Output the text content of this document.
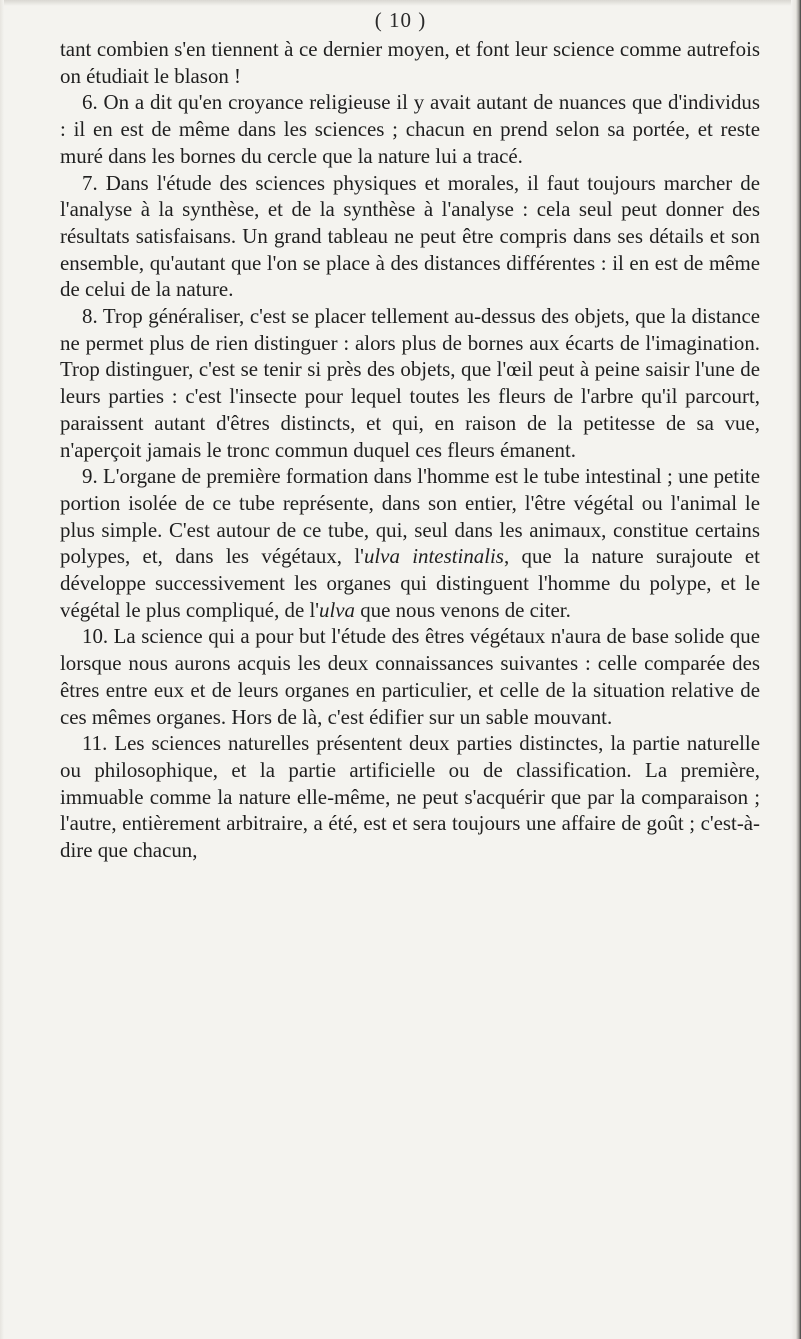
( 10 )

tant combien s'en tiennent à ce dernier moyen, et font leur science comme autrefois on étudiait le blason !

6. On a dit qu'en croyance religieuse il y avait autant de nuances que d'individus : il en est de même dans les sciences ; chacun en prend selon sa portée, et reste muré dans les bornes du cercle que la nature lui a tracé.

7. Dans l'étude des sciences physiques et morales, il faut toujours marcher de l'analyse à la synthèse, et de la synthèse à l'analyse : cela seul peut donner des résultats satisfaisans. Un grand tableau ne peut être compris dans ses détails et son ensemble, qu'autant que l'on se place à des distances différentes : il en est de même de celui de la nature.

8. Trop généraliser, c'est se placer tellement au-dessus des objets, que la distance ne permet plus de rien distinguer : alors plus de bornes aux écarts de l'imagination. Trop distinguer, c'est se tenir si près des objets, que l'œil peut à peine saisir l'une de leurs parties : c'est l'insecte pour lequel toutes les fleurs de l'arbre qu'il parcourt, paraissent autant d'êtres distincts, et qui, en raison de la petitesse de sa vue, n'aperçoit jamais le tronc commun duquel ces fleurs émanent.

9. L'organe de première formation dans l'homme est le tube intestinal ; une petite portion isolée de ce tube représente, dans son entier, l'être végétal ou l'animal le plus simple. C'est autour de ce tube, qui, seul dans les animaux, constitue certains polypes, et, dans les végétaux, l'ulva intestinalis, que la nature surajoute et développe successivement les organes qui distinguent l'homme du polype, et le végétal le plus compliqué, de l'ulva que nous venons de citer.

10. La science qui a pour but l'étude des êtres végétaux n'aura de base solide que lorsque nous aurons acquis les deux connaissances suivantes : celle comparée des êtres entre eux et de leurs organes en particulier, et celle de la situation relative de ces mêmes organes. Hors de là, c'est édifier sur un sable mouvant.

11. Les sciences naturelles présentent deux parties distinctes, la partie naturelle ou philosophique, et la partie artificielle ou de classification. La première, immuable comme la nature elle-même, ne peut s'acquérir que par la comparaison ; l'autre, entièrement arbitraire, a été, est et sera toujours une affaire de goût ; c'est-à-dire que chacun,
